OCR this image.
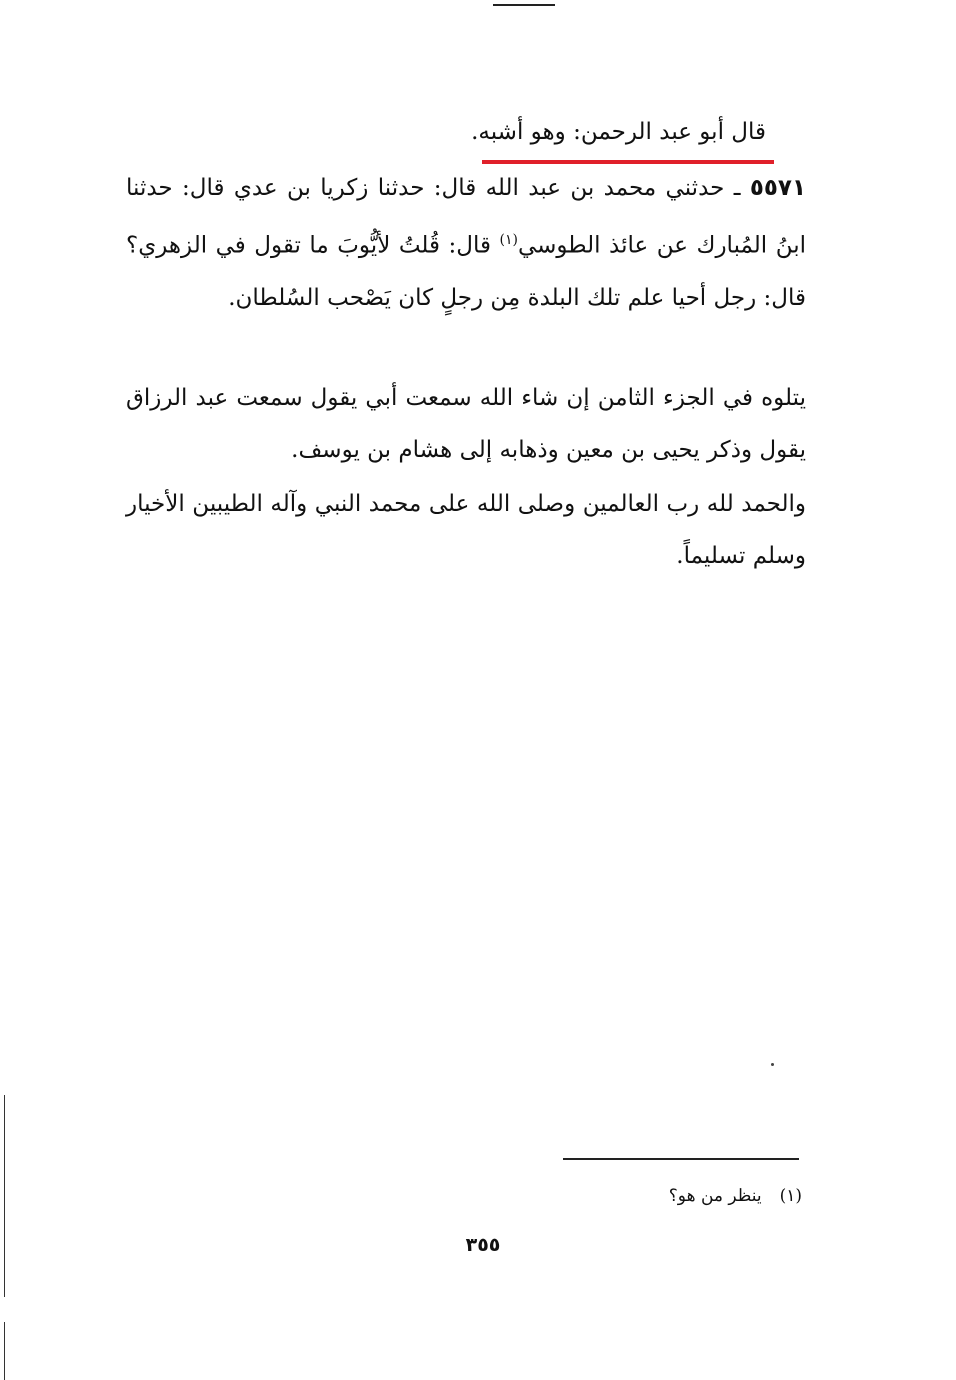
قال أبو عبد الرحمن: وهو أشبه.
٥٥٧١ ـ حدثني محمد بن عبد الله قال: حدثنا زكريا بن عدي قال: حدثنا ابنُ المُبارك عن عائذ الطوسي$^{(١)}$ قال: قُلتُ لأيُّوبَ ما تقول في الزهري؟ قال: رجل أحيا علم تلك البلدة مِن رجلٍ كان يَصْحب السُلطان.
يتلوه في الجزء الثامن إن شاء الله سمعت أبي يقول سمعت عبد الرزاق يقول وذكر يحيى بن معين وذهابه إلى هشام بن يوسف.
والحمد لله رب العالمين وصلى الله على محمد النبي وآله الطيبين الأخيار وسلم تسليماً.
(١)ينظر من هو؟
٣٥٥
